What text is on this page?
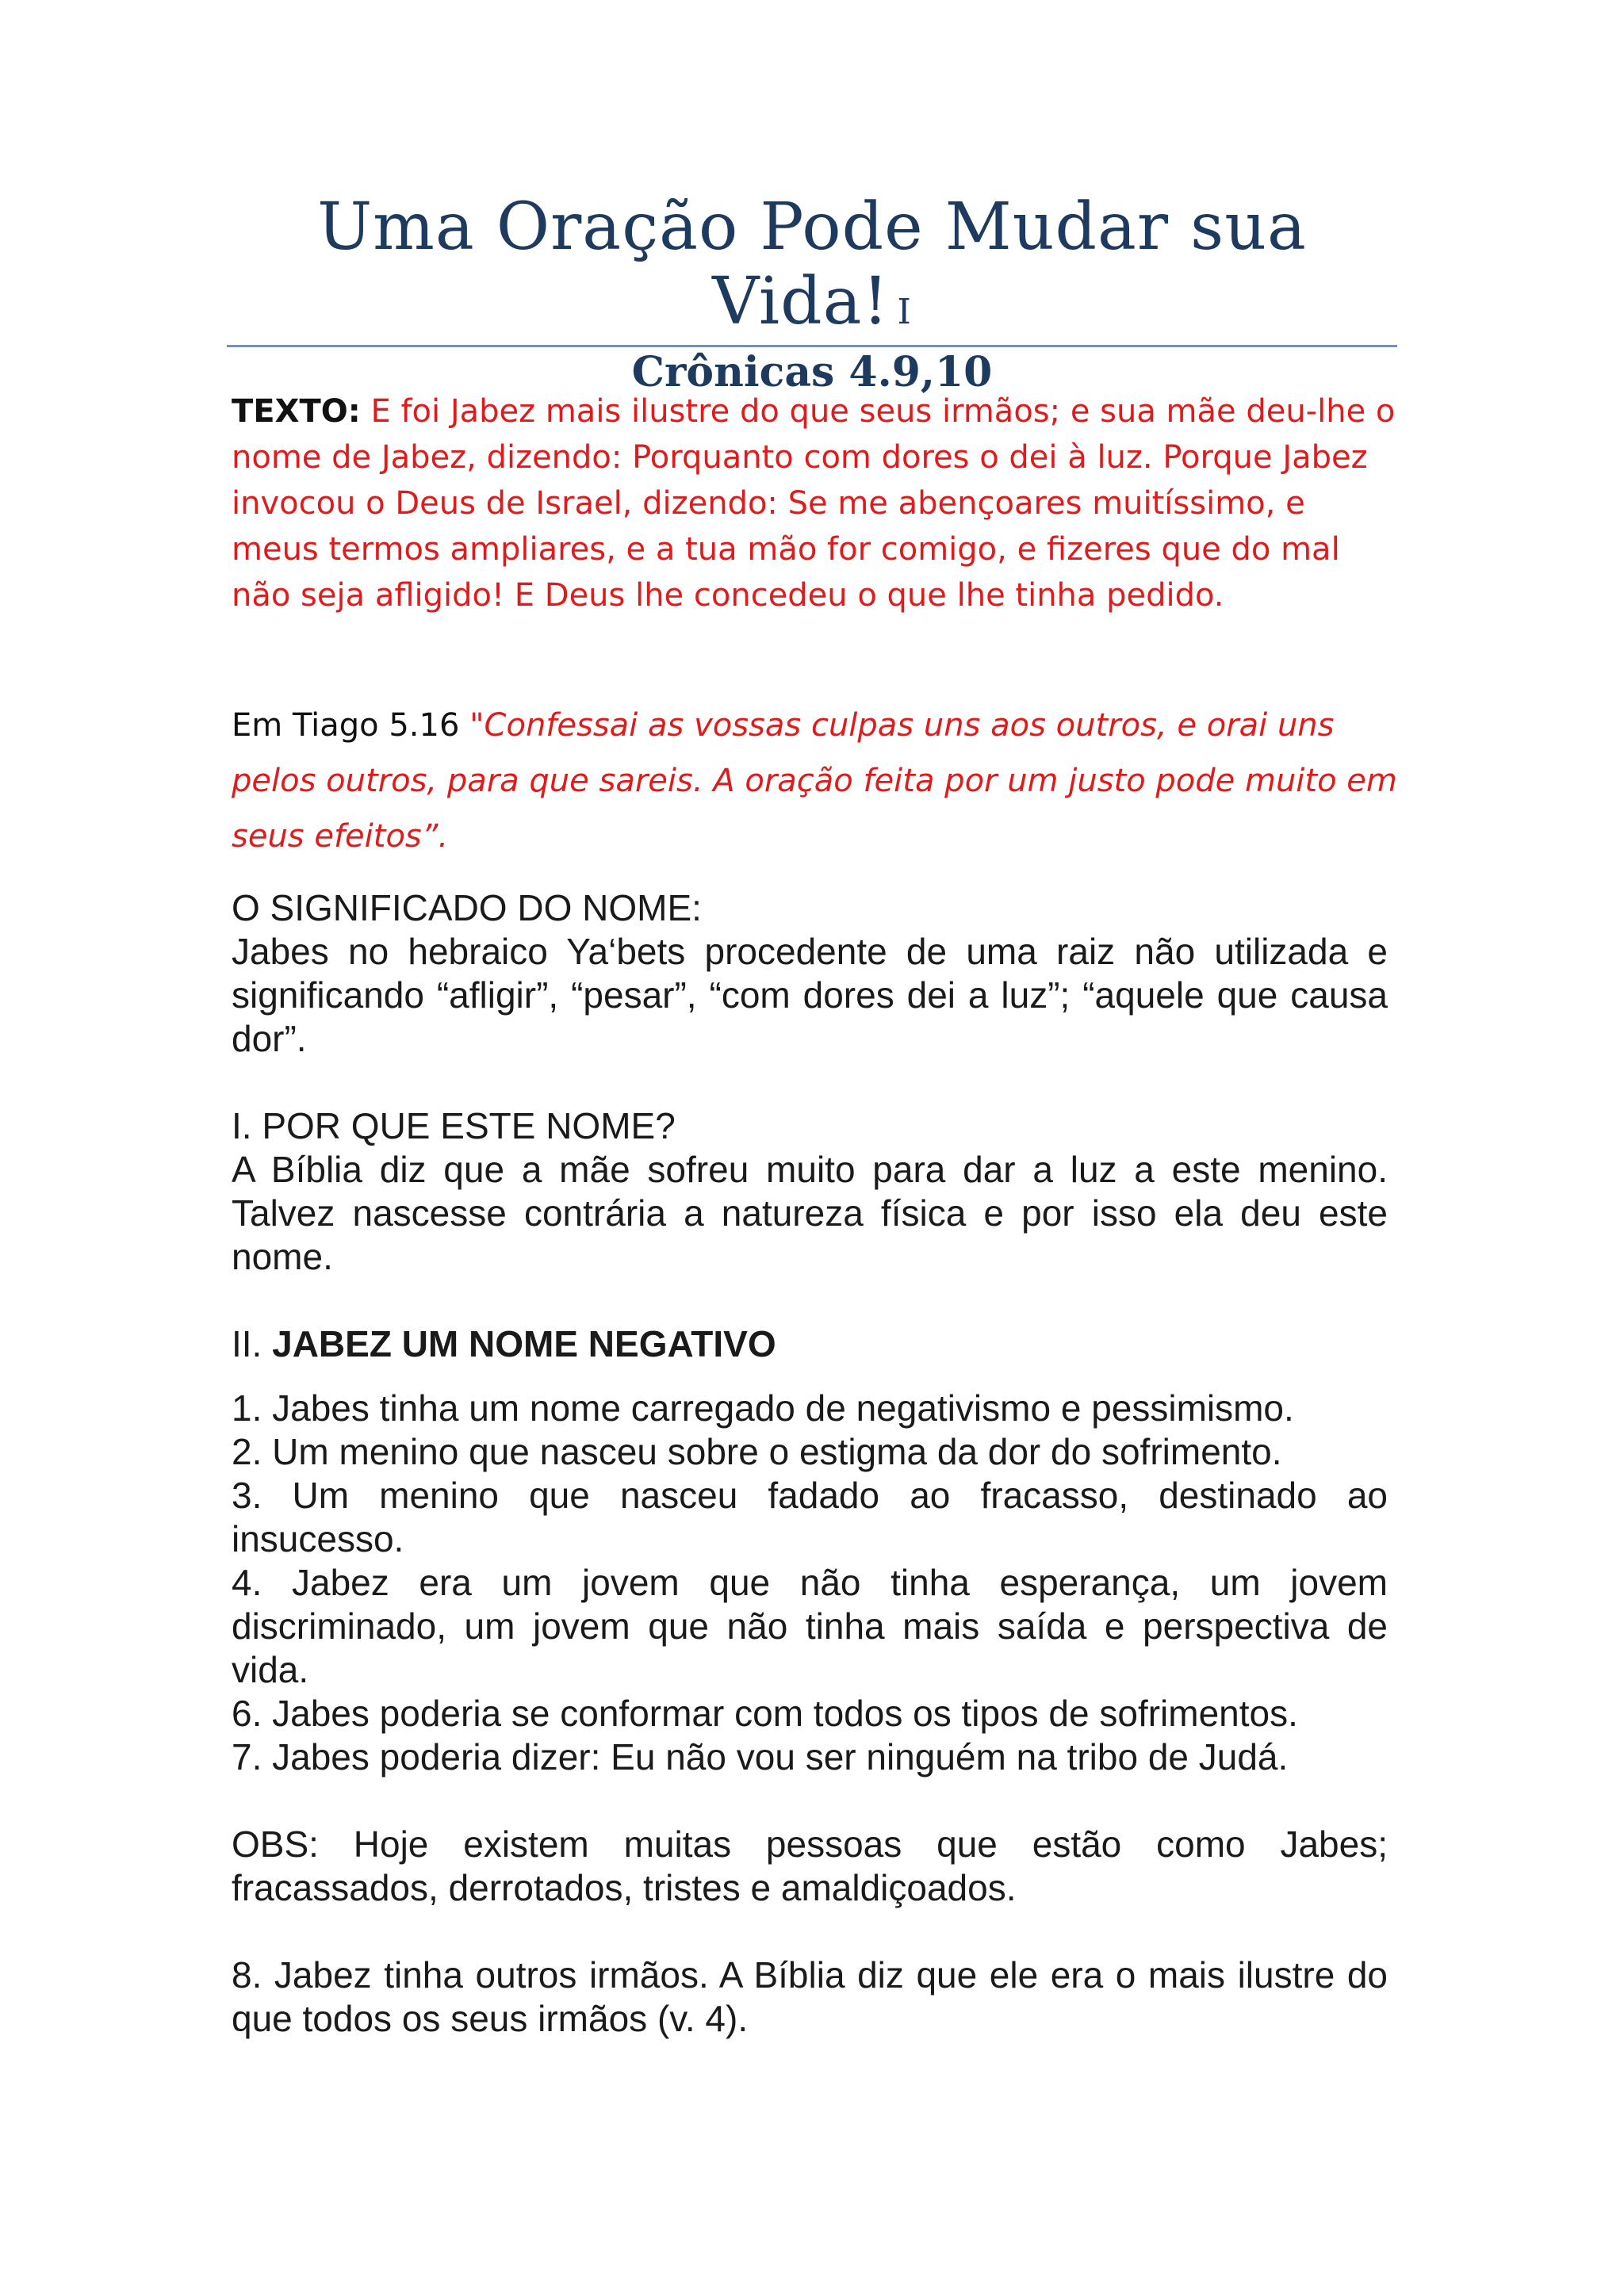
Uma Oração Pode Mudar sua Vida! I
Crônicas 4.9,10
TEXTO: E foi Jabez mais ilustre do que seus irmãos; e sua mãe deu-lhe o nome de Jabez, dizendo: Porquanto com dores o dei à luz. Porque Jabez invocou o Deus de Israel, dizendo: Se me abençoares muitíssimo, e meus termos ampliares, e a tua mão for comigo, e fizeres que do mal não seja afligido! E Deus lhe concedeu o que lhe tinha pedido.
Em Tiago 5.16 "Confessai as vossas culpas uns aos outros, e orai uns pelos outros, para que sareis. A oração feita por um justo pode muito em seus efeitos”.

O SIGNIFICADO DO NOME:

Jabes no hebraico Ya‘bets procedente de uma raiz não utilizada e significando “afligir”, “pesar”, “com dores dei a luz”; “aquele que causa dor”.

I. POR QUE ESTE NOME?

A Bíblia diz que a mãe sofreu muito para dar a luz a este menino. Talvez nascesse contrária a natureza física e por isso ela deu este nome.

II. JABEZ UM NOME NEGATIVO

1. Jabes tinha um nome carregado de negativismo e pessimismo.

2. Um menino que nasceu sobre o estigma da dor do sofrimento.

3. Um menino que nasceu fadado ao fracasso, destinado ao insucesso.

4. Jabez era um jovem que não tinha esperança, um jovem discriminado, um jovem que não tinha mais saída e perspectiva de vida.

6. Jabes poderia se conformar com todos os tipos de sofrimentos.

7. Jabes poderia dizer: Eu não vou ser ninguém na tribo de Judá.

OBS: Hoje existem muitas pessoas que estão como Jabes; fracassados, derrotados, tristes e amaldiçoados.

8. Jabez tinha outros irmãos. A Bíblia diz que ele era o mais ilustre do que todos os seus irmãos (v. 4).
